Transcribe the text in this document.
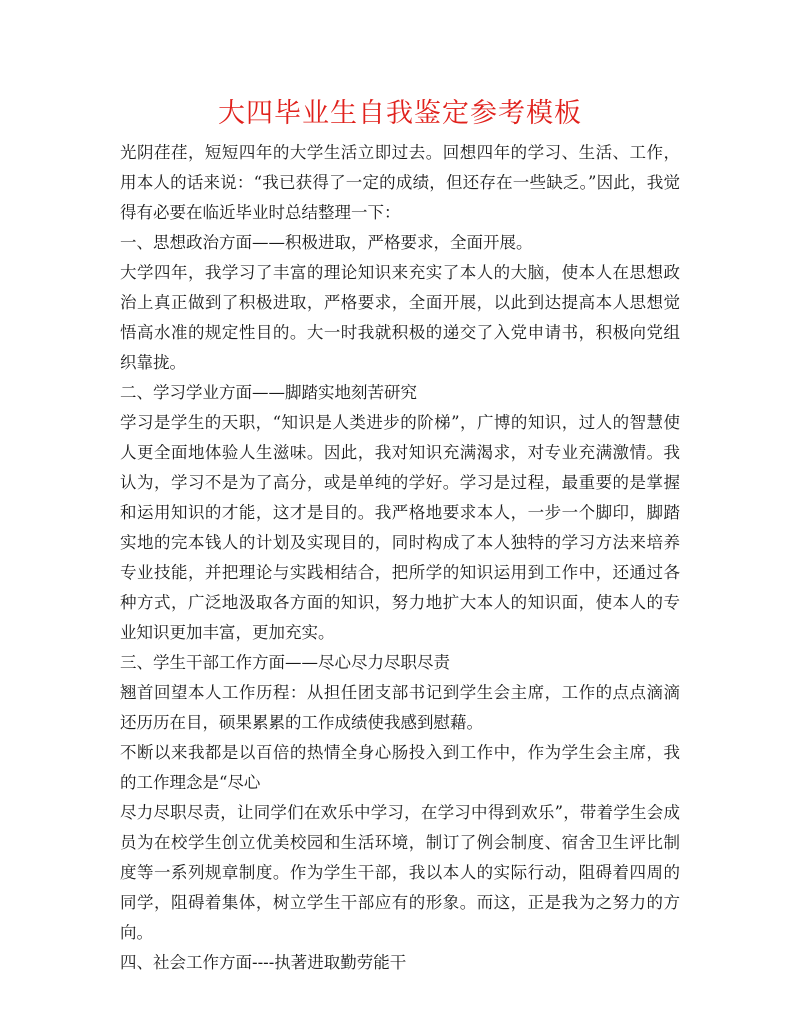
大四毕业生自我鉴定参考模板

光阴荏荏，短短四年的大学生活立即过去。回想四年的学习、生活、工作，用本人的话来说：“我已获得了一定的成绩，但还存在一些缺乏。”因此，我觉得有必要在临近毕业时总结整理一下：

一、思想政治方面——积极进取，严格要求，全面开展。

大学四年，我学习了丰富的理论知识来充实了本人的大脑，使本人在思想政治上真正做到了积极进取，严格要求，全面开展，以此到达提高本人思想觉悟高水准的规定性目的。大一时我就积极的递交了入党申请书，积极向党组织靠拢。

二、学习学业方面——脚踏实地刻苦研究

学习是学生的天职，“知识是人类进步的阶梯”，广博的知识，过人的智慧使人更全面地体验人生滋味。因此，我对知识充满渴求，对专业充满激情。我认为，学习不是为了高分，或是单纯的学好。学习是过程，最重要的是掌握和运用知识的才能，这才是目的。我严格地要求本人，一步一个脚印，脚踏实地的完本钱人的计划及实现目的，同时构成了本人独特的学习方法来培养专业技能，并把理论与实践相结合，把所学的知识运用到工作中，还通过各种方式，广泛地汲取各方面的知识，努力地扩大本人的知识面，使本人的专业知识更加丰富，更加充实。

三、学生干部工作方面——尽心尽力尽职尽责

翘首回望本人工作历程：从担任团支部书记到学生会主席，工作的点点滴滴还历历在目，硕果累累的工作成绩使我感到慰藉。

不断以来我都是以百倍的热情全身心肠投入到工作中，作为学生会主席，我的工作理念是“尽心

尽力尽职尽责，让同学们在欢乐中学习，在学习中得到欢乐”，带着学生会成员为在校学生创立优美校园和生活环境，制订了例会制度、宿舍卫生评比制度等一系列规章制度。作为学生干部，我以本人的实际行动，阻碍着四周的同学，阻碍着集体，树立学生干部应有的形象。而这，正是我为之努力的方向。

四、社会工作方面----执著进取勤劳能干
